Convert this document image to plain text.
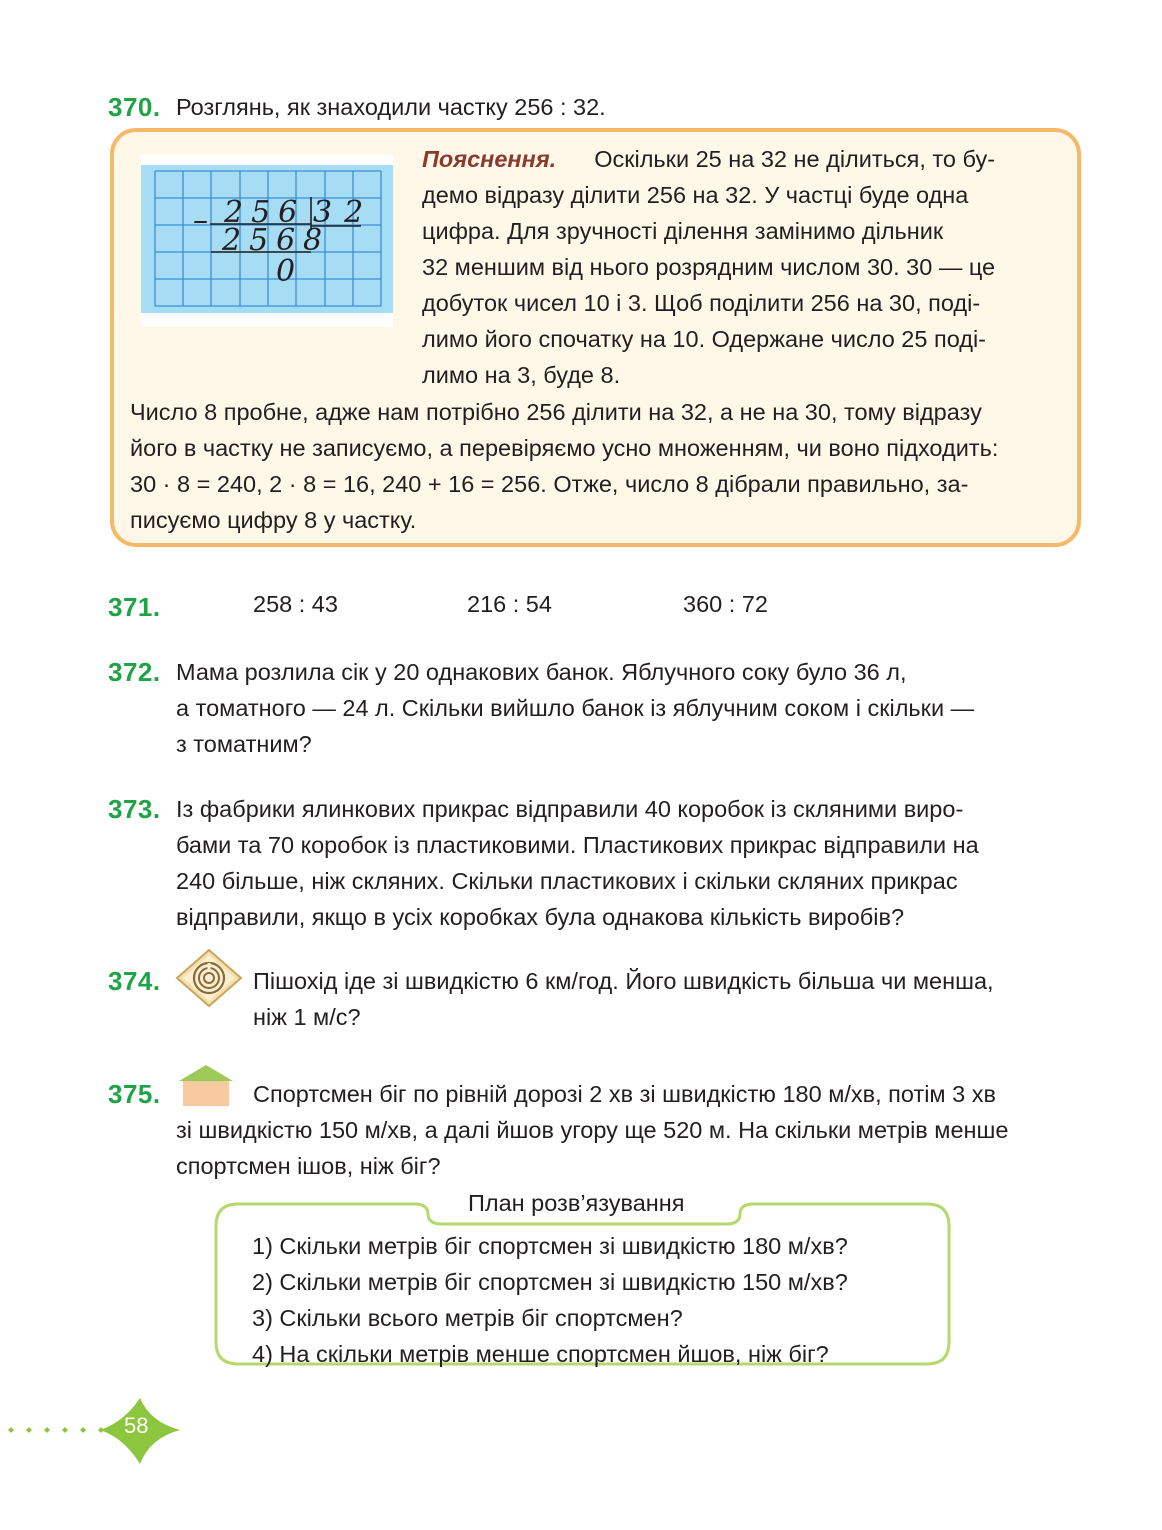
370. Розглянь, як знаходили частку 256 : 32.
– 256 32
256 8
0

Пояснення. Оскільки 25 на 32 не ділиться, то бу-

демо відразу ділити 256 на 32. У частці буде одна

цифра. Для зручності ділення замінимо дільник

32 меншим від нього розрядним числом 30. 30 — це

добуток чисел 10 і 3. Щоб поділити 256 на 30, поді-

лимо його спочатку на 10. Одержане число 25 поді-

лимо на 3, буде 8.

Число 8 пробне, адже нам потрібно 256 ділити на 32, а не на 30, тому відразу

його в частку не записуємо, а перевіряємо усно множенням, чи воно підходить:

30 · 8 = 240, 2 · 8 = 16, 240 + 16 = 256. Отже, число 8 дібрали правильно, за-

писуємо цифру 8 у частку.

371.	258 : 43	216 : 54	360 : 72
372. Мама розлила сік у 20 однакових банок. Яблучного соку було 36 л,

а томатного — 24 л. Скільки вийшло банок із яблучним соком і скільки —

з томатним?

373. Із фабрики ялинкових прикрас відправили 40 коробок із скляними виро-

бами та 70 коробок із пластиковими. Пластикових прикрас відправили на

240 більше, ніж скляних. Скільки пластикових і скільки скляних прикрас

відправили, якщо в усіх коробках була однакова кількість виробів?

374.	Пішохід іде зі швидкістю 6 км/год. Його швидкість більша чи менша,

ніж 1 м/с?

375.	Спортсмен біг по рівній дорозі 2 хв зі швидкістю 180 м/хв, потім 3 хв

зі швидкістю 150 м/хв, а далі йшов угору ще 520 м. На скільки метрів менше

спортсмен ішов, ніж біг?

План розв’язування
1) Скільки метрів біг спортсмен зі швидкістю 180 м/хв?
2) Скільки метрів біг спортсмен зі швидкістю 150 м/хв?
3) Скільки всього метрів біг спортсмен?
4) На скільки метрів менше спортсмен йшов, ніж біг?
58
